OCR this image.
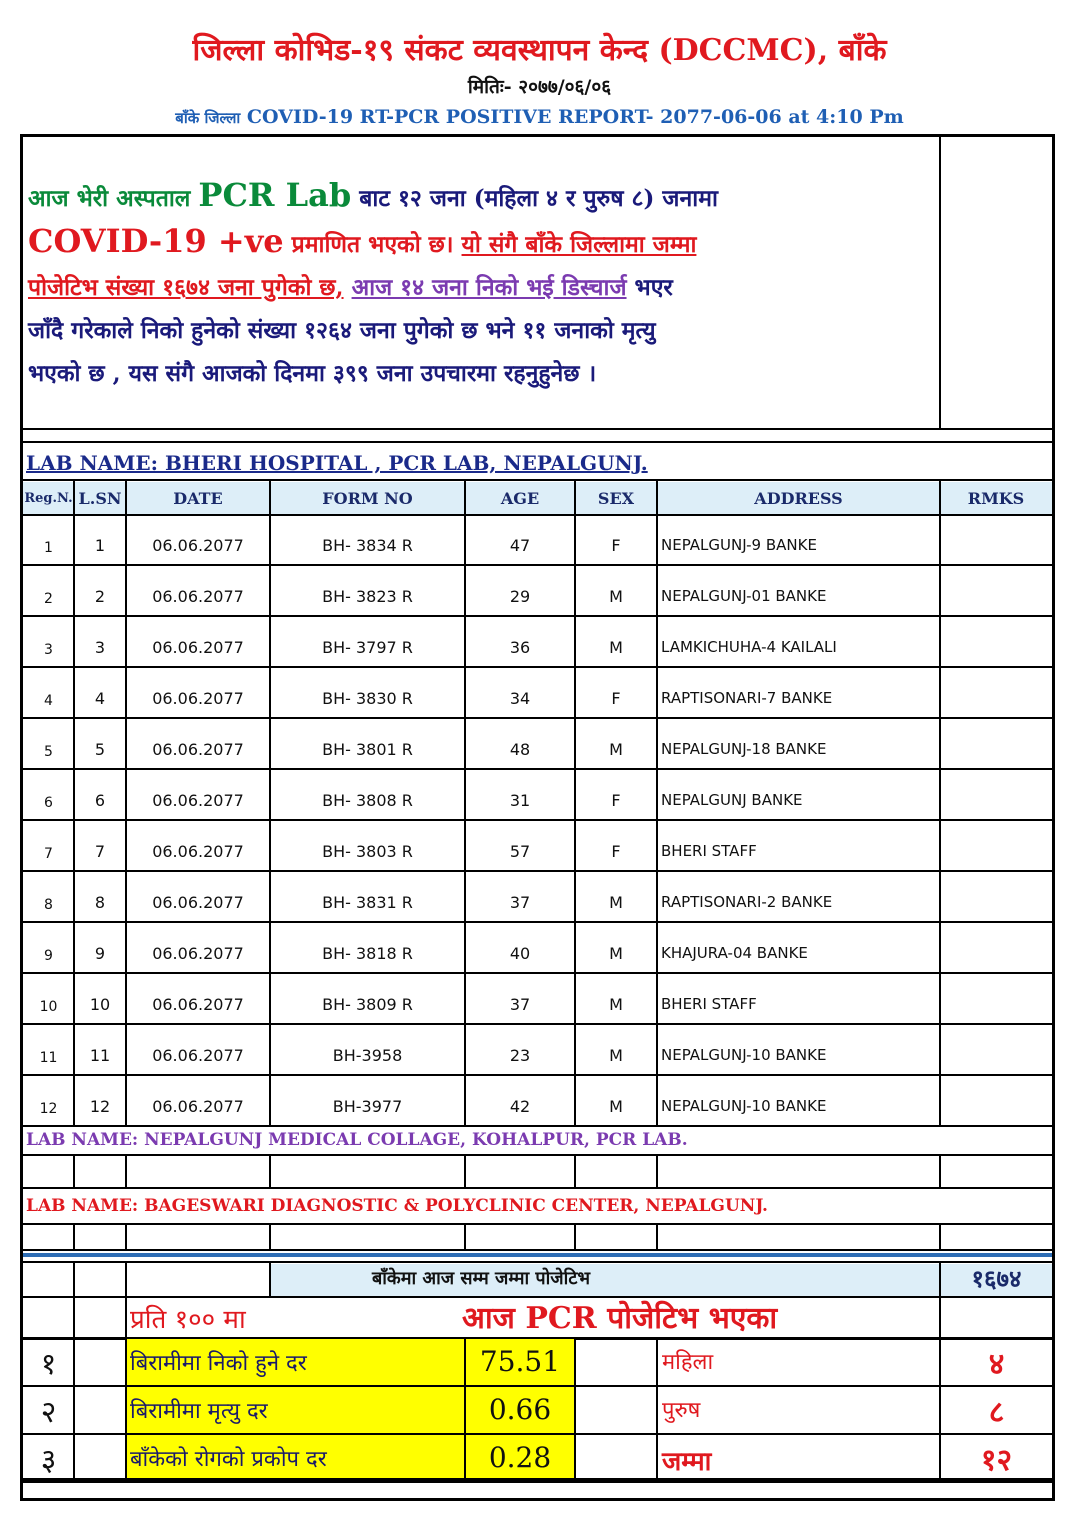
जिल्ला कोभिड-१९ संकट व्यवस्थापन केन्द (DCCMC), बाँके
मितिः- २०७७/०६/०६
बाँके जिल्ला COVID-19 RT-PCR POSITIVE REPORT- 2077-06-06 at 4:10 Pm
आज भेरी अस्पताल PCR Lab बाट १२ जना (महिला ४ र पुरुष ८) जनामा
COVID-19 +ve प्रमाणित भएको छ। यो संगै बाँके जिल्लामा जम्मा
पोजेटिभ संख्या १६७४ जना पुगेको छ, आज १४ जना निको भई डिस्चार्ज भएर
जाँदै गरेकाले निको हुनेको संख्या १२६४ जना पुगेको छ भने ११ जनाको मृत्यु
भएको छ , यस संगै आजको दिनमा ३९९ जना उपचारमा रहनुहुनेछ ।
LAB NAME: BHERI HOSPITAL , PCR LAB, NEPALGUNJ.
Reg.N. L.SN	DATE	FORM NO	AGE	SEX	ADDRESS	RMKS
LAB NAME: NEPALGUNJ MEDICAL COLLAGE, KOHALPUR, PCR LAB.
LAB NAME: BAGESWARI DIAGNOSTIC & POLYCLINIC CENTER, NEPALGUNJ.
बाँकेमा आज सम्म जम्मा पोजेटिभ	१६७४
प्रति १०० मा	आज PCR पोजेटिभ भएका
1	1	06.06.2077	BH- 3834 R	47	F	NEPALGUNJ-9 BANKE
2	2	06.06.2077	BH- 3823 R	29	M	NEPALGUNJ-01 BANKE
3	3	06.06.2077	BH- 3797 R	36	M	LAMKICHUHA-4 KAILALI
4	4	06.06.2077	BH- 3830 R	34	F	RAPTISONARI-7 BANKE
5	5	06.06.2077	BH- 3801 R	48	M	NEPALGUNJ-18 BANKE
6	6	06.06.2077	BH- 3808 R	31	F	NEPALGUNJ BANKE
7	7	06.06.2077	BH- 3803 R	57	F	BHERI STAFF
8	8	06.06.2077	BH- 3831 R	37	M	RAPTISONARI-2 BANKE
9	9	06.06.2077	BH- 3818 R	40	M	KHAJURA-04 BANKE
10	10	06.06.2077	BH- 3809 R	37	M	BHERI STAFF
11	11	06.06.2077	BH-3958	23	M	NEPALGUNJ-10 BANKE
12	12	06.06.2077	BH-3977	42	M	NEPALGUNJ-10 BANKE
१	बिरामीमा निको हुने दर	75.51	महिला	४
२	बिरामीमा मृत्यु दर	0.66	पुरुष	८
३	बाँकेको रोगको प्रकोप दर	0.28	जम्मा	१२
